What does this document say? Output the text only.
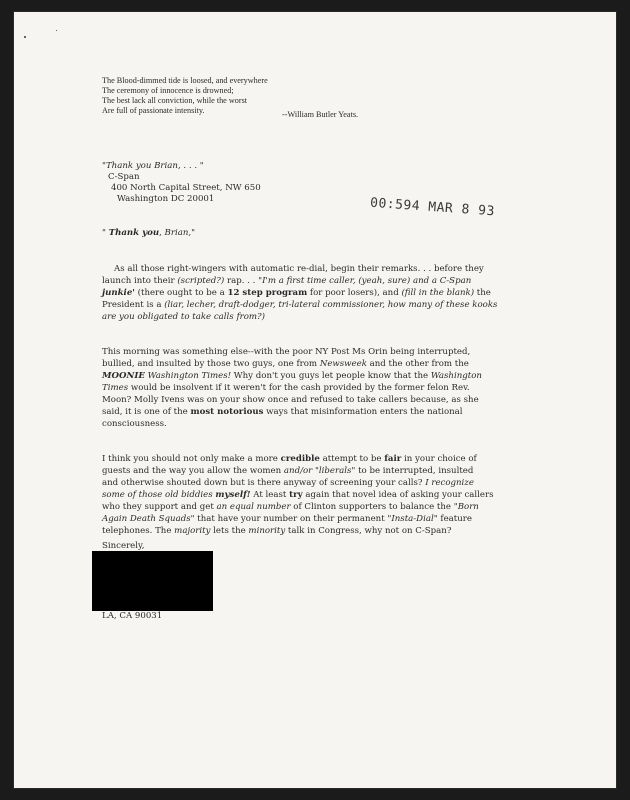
The Blood-dimmed tide is loosed, and everywhere
The ceremony of innocence is drowned;
The best lack all conviction, while the worst
Are full of passionate intensity.	--William Butler Yeats.
"Thank you Brian, . . . "
C-Span
400 North Capital Street, NW 650
Washington DC 20001	00:594 MAR 8 93
" Thank you, Brian,"
As all those right-wingers with automatic re-dial, begin their remarks. . . before they
launch into their (scripted?) rap. . . "I'm a first time caller, (yeah, sure) and a C-Span
junkie' (there ought to be a 12 step program for poor losers), and (fill in the blank) the
President is a (liar, lecher, draft-dodger, tri-lateral commissioner, how many of these kooks
are you obligated to take calls from?)
This morning was something else--with the poor NY Post Ms Orin being interrupted,
bullied, and insulted by those two guys, one from Newsweek and the other from the
MOONIE Washington Times! Why don't you guys let people know that the Washington
Times would be insolvent if it weren't for the cash provided by the former felon Rev.
Moon? Molly Ivens was on your show once and refused to take callers because, as she
said, it is one of the most notorious ways that misinformation enters the national
consciousness.
I think you should not only make a more credible attempt to be fair in your choice of
guests and the way you allow the women and/or "liberals" to be interrupted, insulted
and otherwise shouted down but is there anyway of screening your calls? I recognize
some of those old biddies myself! At least try again that novel idea of asking your callers
who they support and get an equal number of Clinton supporters to balance the "Born
Again Death Squads" that have your number on their permanent "Insta-Dial" feature
telephones. The majority lets the minority talk in Congress, why not on C-Span?
Sincerely,
LA, CA 90031
